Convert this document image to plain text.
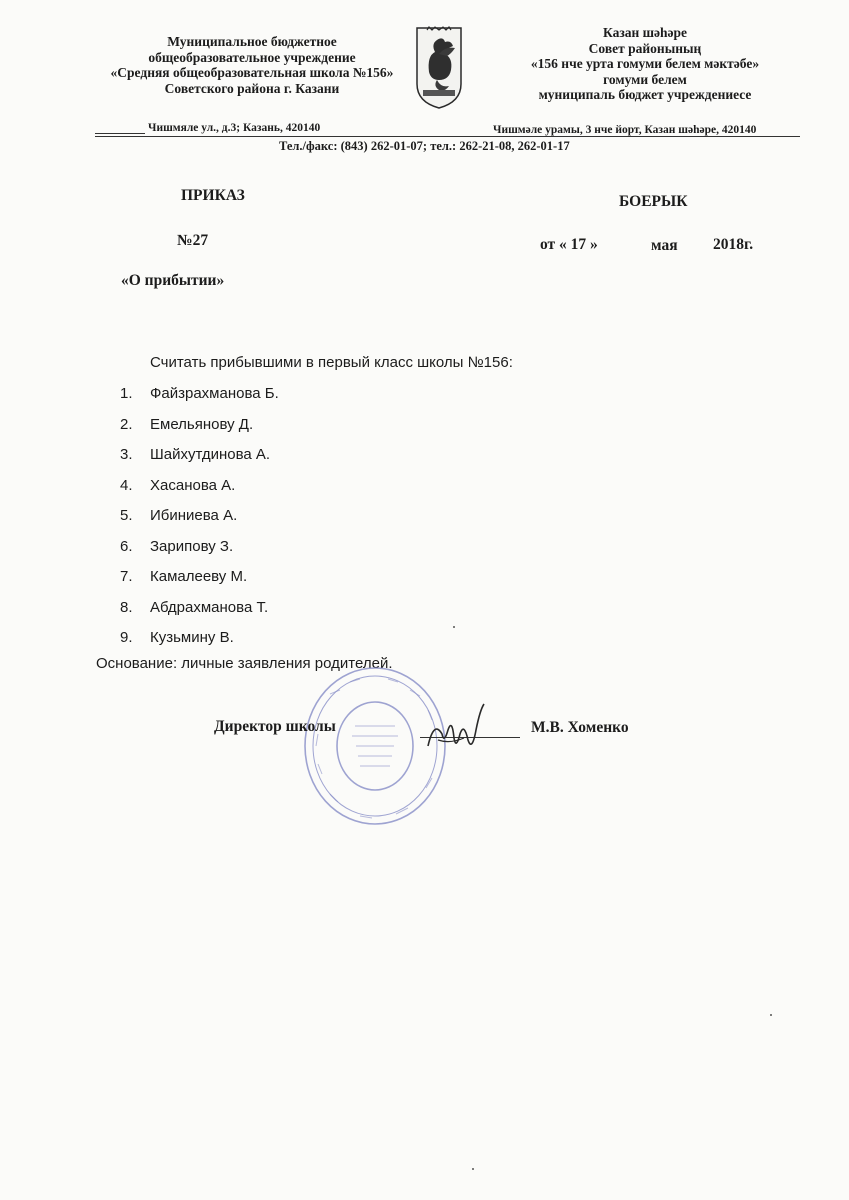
Муниципальное бюджетное
общеобразовательное учреждение
«Средняя общеобразовательная школа №156»
Советского района г. Казани
Казан шәһәре
Совет районының
«156 нче урта гомуми белем мәктәбе»
гомуми белем
муниципаль бюджет учреждениесе
Чишмяле ул., д.3; Казань, 420140	Чишмәле урамы, 3 нче йорт, Казан шәһәре, 420140
Тел./факс: (843) 262-01-07; тел.: 262-21-08, 262-01-17
ПРИКАЗ	БОЕРЫК
№27	от « 17 »	мая 2018г.
«О прибытии»
Считать прибывшими в первый класс школы №156:
1. Файзрахманова Б.
2. Емельянову Д.
3. Шайхутдинова А.
4. Хасанова А.
5. Ибиниева А.
6. Зарипову З.
7. Камалееву М.
8. Абдрахманова Т.
9. Кузьмину В.
Основание: личные заявления родителей.
Директор школы	М.В. Хоменко
